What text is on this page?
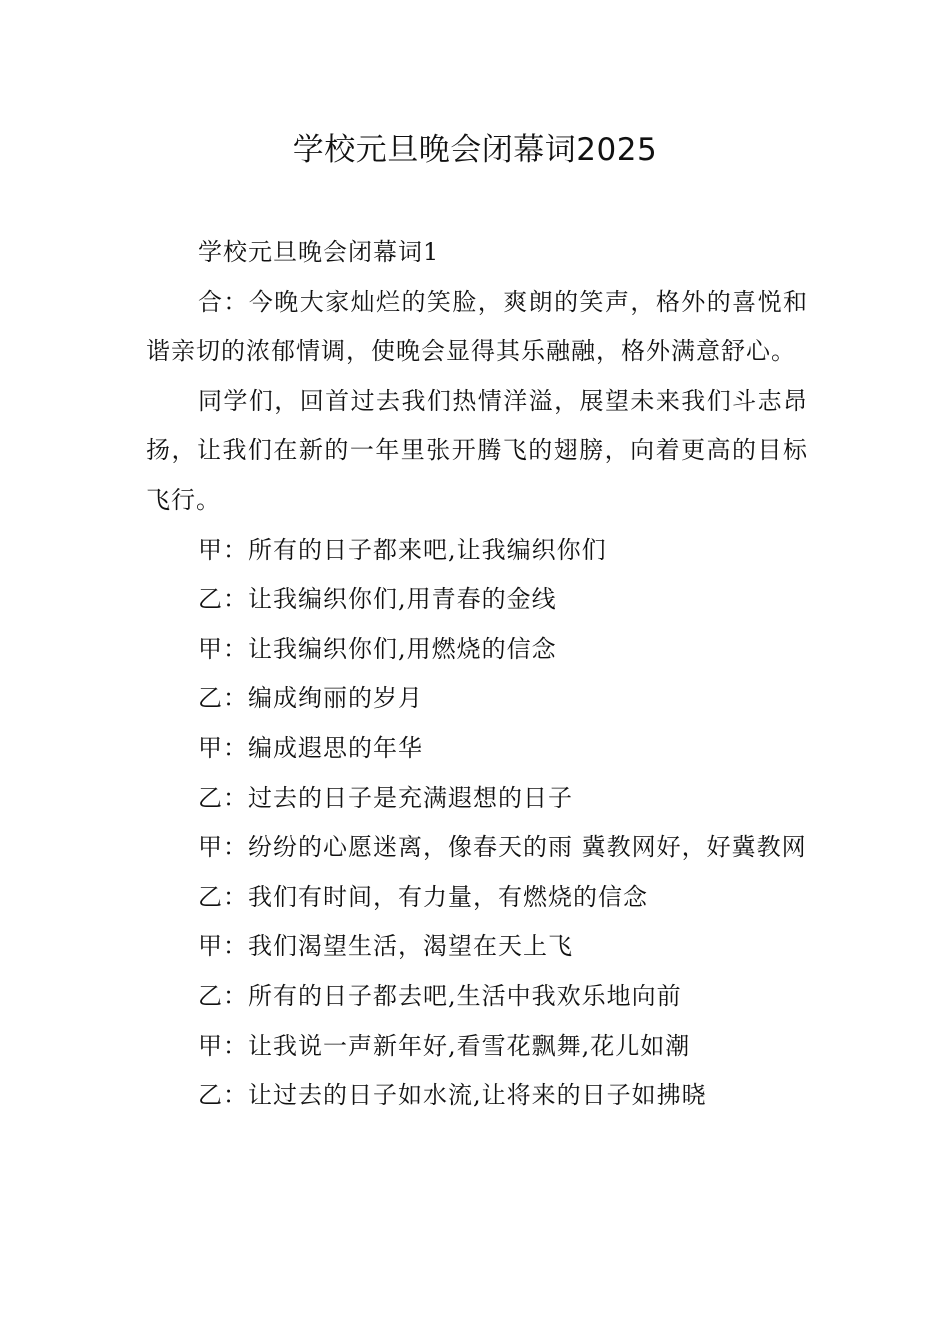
学校元旦晚会闭幕词2025

学校元旦晚会闭幕词1

合：今晚大家灿烂的笑脸，爽朗的笑声，格外的喜悦和谐亲切的浓郁情调，使晚会显得其乐融融，格外满意舒心。

同学们，回首过去我们热情洋溢，展望未来我们斗志昂扬，让我们在新的一年里张开腾飞的翅膀，向着更高的目标飞行。

甲：所有的日子都来吧,让我编织你们

乙：让我编织你们,用青春的金线

甲：让我编织你们,用燃烧的信念

乙：编成绚丽的岁月

甲：编成遐思的年华

乙：过去的日子是充满遐想的日子

甲：纷纷的心愿迷离，像春天的雨 冀教网好，好冀教网

乙：我们有时间，有力量，有燃烧的信念

甲：我们渴望生活，渴望在天上飞

乙：所有的日子都去吧,生活中我欢乐地向前

甲：让我说一声新年好,看雪花飘舞,花儿如潮

乙：让过去的日子如水流,让将来的日子如拂晓
